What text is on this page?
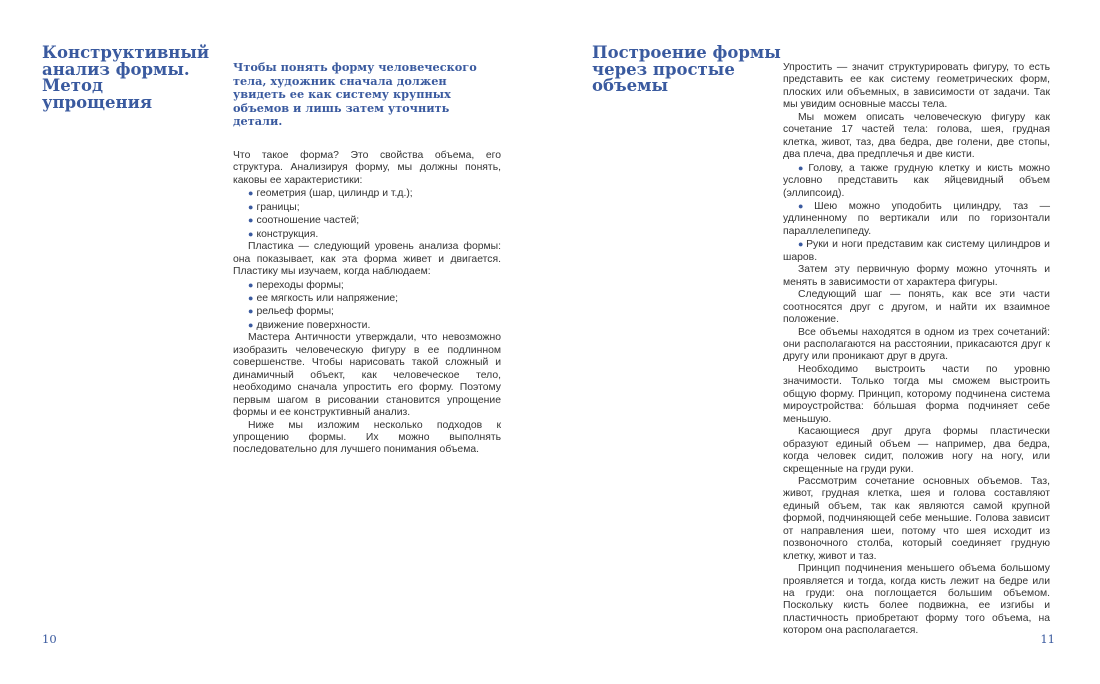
Конструктивный
анализ формы.
Метод упрощения

Чтобы понять форму человеческого тела, художник сначала должен увидеть ее как систему крупных объемов и лишь затем уточнить детали.

Что такое форма? Это свойства объема, его структура. Анализируя форму, мы должны понять, каковы ее характеристики:

● геометрия (шар, цилиндр и т.д.);
● границы;
● соотношение частей;
● конструкция.

Пластика — следующий уровень анализа формы: она показывает, как эта форма живет и двигается. Пластику мы изучаем, когда наблюдаем:

● переходы формы;
● ее мягкость или напряжение;
● рельеф формы;
● движение поверхности.

Мастера Античности утверждали, что невозможно изобразить человеческую фигуру в ее подлинном совершенстве. Чтобы нарисовать такой сложный и динамичный объект, как человеческое тело, необходимо сначала упростить его форму. Поэтому первым шагом в рисовании становится упрощение формы и ее конструктивный анализ.

Ниже мы изложим несколько подходов к упрощению формы. Их можно выполнять последовательно для лучшего понимания объема.

10
Построение формы
через простые
объемы

Упростить — значит структурировать фигуру, то есть представить ее как систему геометрических форм, плоских или объемных, в зависимости от задачи. Так мы увидим основные массы тела.

Мы можем описать человеческую фигуру как сочетание 17 частей тела: голова, шея, грудная клетка, живот, таз, два бедра, две голени, две стопы, два плеча, два предплечья и две кисти.

● Голову, а также грудную клетку и кисть можно условно представить как яйцевидный объем (эллипсоид).

● Шею можно уподобить цилиндру, таз — удлиненному по вертикали или по горизонтали параллелепипеду.

● Руки и ноги представим как систему цилиндров и шаров.

Затем эту первичную форму можно уточнять и менять в зависимости от характера фигуры.

Следующий шаг — понять, как все эти части соотносятся друг с другом, и найти их взаимное положение.

Все объемы находятся в одном из трех сочетаний: они располагаются на расстоянии, прикасаются друг к другу или проникают друг в друга.

Необходимо выстроить части по уровню значимости. Только тогда мы сможем выстроить общую форму. Принцип, которому подчинена система мироустройства: бóльшая форма подчиняет себе меньшую.

Касающиеся друг друга формы пластически образуют единый объем — например, два бедра, когда человек сидит, положив ногу на ногу, или скрещенные на груди руки.

Рассмотрим сочетание основных объемов. Таз, живот, грудная клетка, шея и голова составляют единый объем, так как являются самой крупной формой, подчиняющей себе меньшие. Голова зависит от направления шеи, потому что шея исходит из позвоночного столба, который соединяет грудную клетку, живот и таз.

Принцип подчинения меньшего объема большому проявляется и тогда, когда кисть лежит на бедре или на груди: она поглощается большим объемом. Поскольку кисть более подвижна, ее изгибы и пластичность приобретают форму того объема, на котором она располагается.

11
